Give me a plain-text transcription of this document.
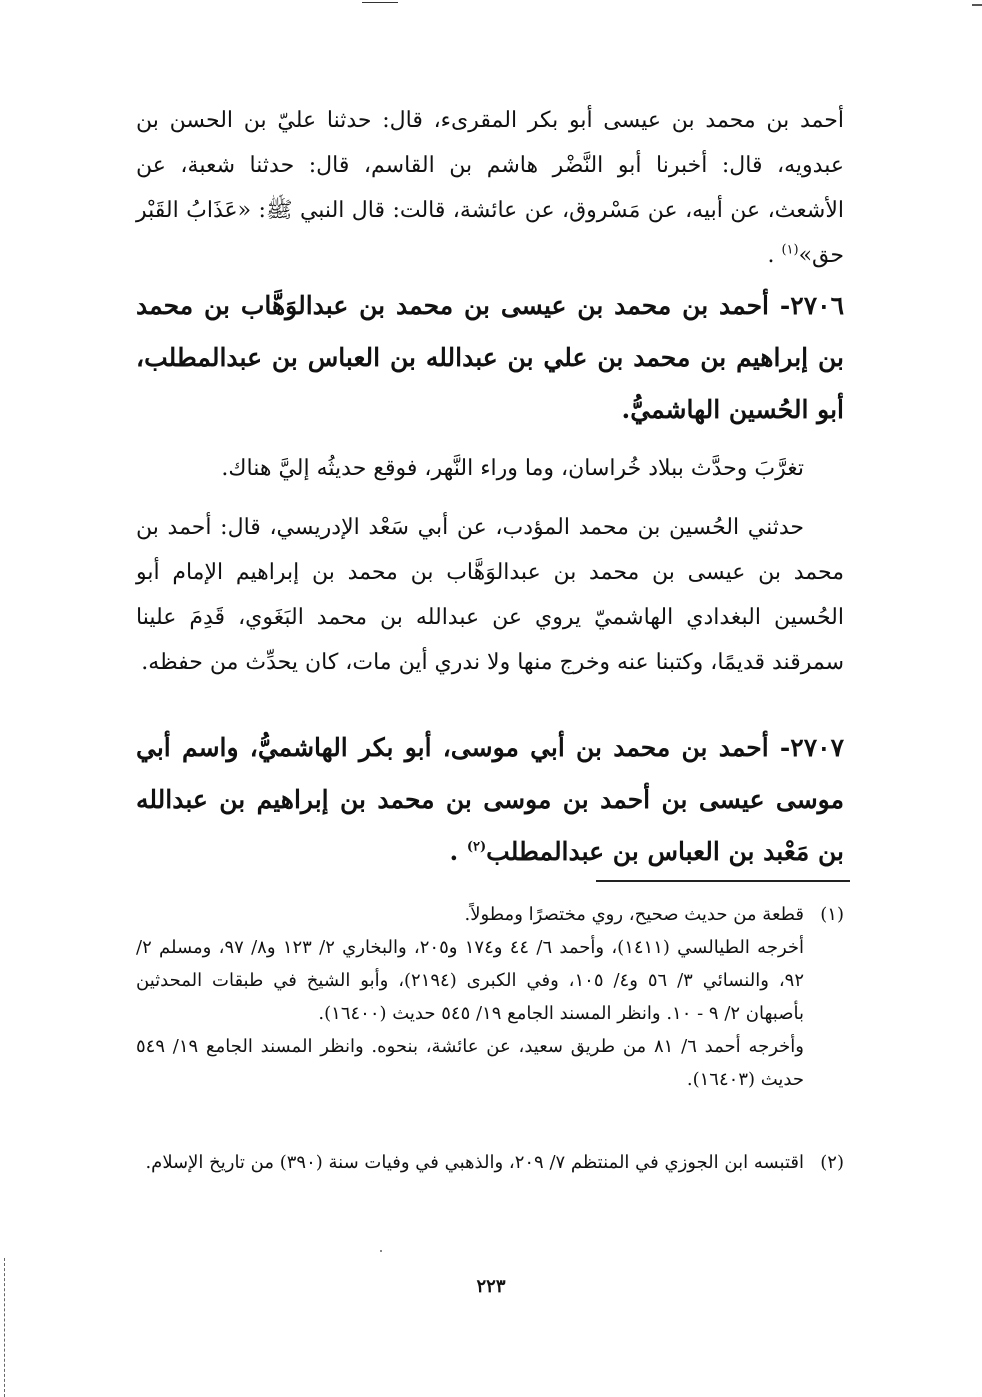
أحمد بن محمد بن عيسى أبو بكر المقرىء، قال: حدثنا عليّ بن الحسن بن عبدويه، قال: أخبرنا أبو النَّضْر هاشم بن القاسم، قال: حدثنا شعبة، عن الأشعث، عن أبيه، عن مَسْروق، عن عائشة، قالت: قال النبي ﷺ: «عَذَابُ القَبْر حق»$^{(١)}$ .

٢٧٠٦- أحمد بن محمد بن عيسى بن محمد بن عبدالوَهَّاب بن محمد بن إبراهيم بن محمد بن علي بن عبدالله بن العباس بن عبدالمطلب، أبو الحُسين الهاشميُّ.

تغرَّبَ وحدَّث ببلاد خُراسان، وما وراء النَّهر، فوقع حديثُه إليَّ هناك.

حدثني الحُسين بن محمد المؤدب، عن أبي سَعْد الإدريسي، قال: أحمد بن محمد بن عيسى بن محمد بن عبدالوَهَّاب بن محمد بن إبراهيم الإمام أبو الحُسين البغدادي الهاشميّ يروي عن عبدالله بن محمد البَغَوي، قَدِمَ علينا سمرقند قديمًا، وكتبنا عنه وخرج منها ولا ندري أين مات، كان يحدِّث من حفظه.

٢٧٠٧- أحمد بن محمد بن أبي موسى، أبو بكر الهاشميُّ، واسم أبي موسى عيسى بن أحمد بن موسى بن محمد بن إبراهيم بن عبدالله بن مَعْبد بن العباس بن عبدالمطلب$^{(٢)}$ .

(١)

قطعة من حديث صحيح، روي مختصرًا ومطولاً.

أخرجه الطيالسي (١٤١١)، وأحمد ٦/ ٤٤ و١٧٤ و٢٠٥، والبخاري ٢/ ١٢٣ و٨/ ٩٧، ومسلم ٢/ ٩٢، والنسائي ٣/ ٥٦ و٤/ ١٠٥، وفي الكبرى (٢١٩٤)، وأبو الشيخ في طبقات المحدثين بأصبهان ٢/ ٩ - ١٠. وانظر المسند الجامع ١٩/ ٥٤٥ حديث (١٦٤٠٠).

وأخرجه أحمد ٦/ ٨١ من طريق سعيد، عن عائشة، بنحوه. وانظر المسند الجامع ١٩/ ٥٤٩ حديث (١٦٤٠٣).

(٢)

اقتبسه ابن الجوزي في المنتظم ٧/ ٢٠٩، والذهبي في وفيات سنة (٣٩٠) من تاريخ الإسلام.

٢٢٣
